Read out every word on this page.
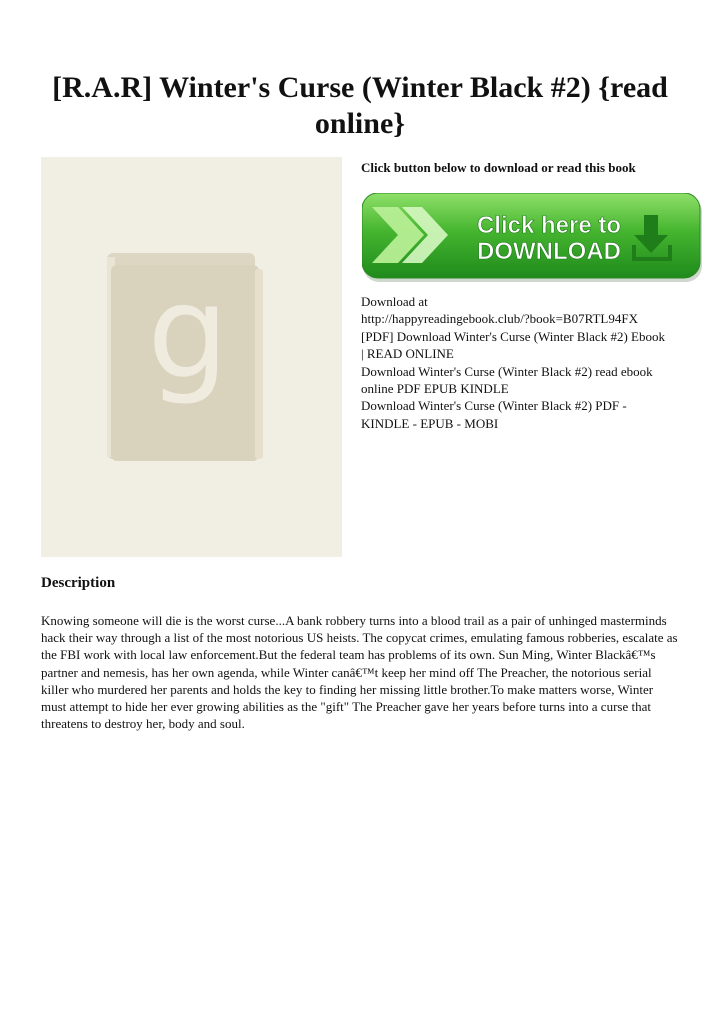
[R.A.R] Winter's Curse (Winter Black #2) {read online}
g
Click button below to download or read this book
Click here to
DOWNLOAD
Download at
http://happyreadingebook.club/?book=B07RTL94FX
[PDF] Download Winter's Curse (Winter Black #2) Ebook
| READ ONLINE
Download Winter's Curse (Winter Black #2) read ebook
online PDF EPUB KINDLE
Download Winter's Curse (Winter Black #2) PDF -
KINDLE - EPUB - MOBI
Description
Knowing someone will die is the worst curse...A bank robbery turns into a blood trail as a pair of unhinged masterminds hack their way through a list of the most notorious US heists. The copycat crimes, emulating famous robberies, escalate as the FBI work with local law enforcement.But the federal team has problems of its own. Sun Ming, Winter Blackâ€™s partner and nemesis, has her own agenda, while Winter canâ€™t keep her mind off The Preacher, the notorious serial killer who murdered her parents and holds the key to finding her missing little brother.To make matters worse, Winter must attempt to hide her ever growing abilities as the "gift" The Preacher gave her years before turns into a curse that threatens to destroy her, body and soul.
